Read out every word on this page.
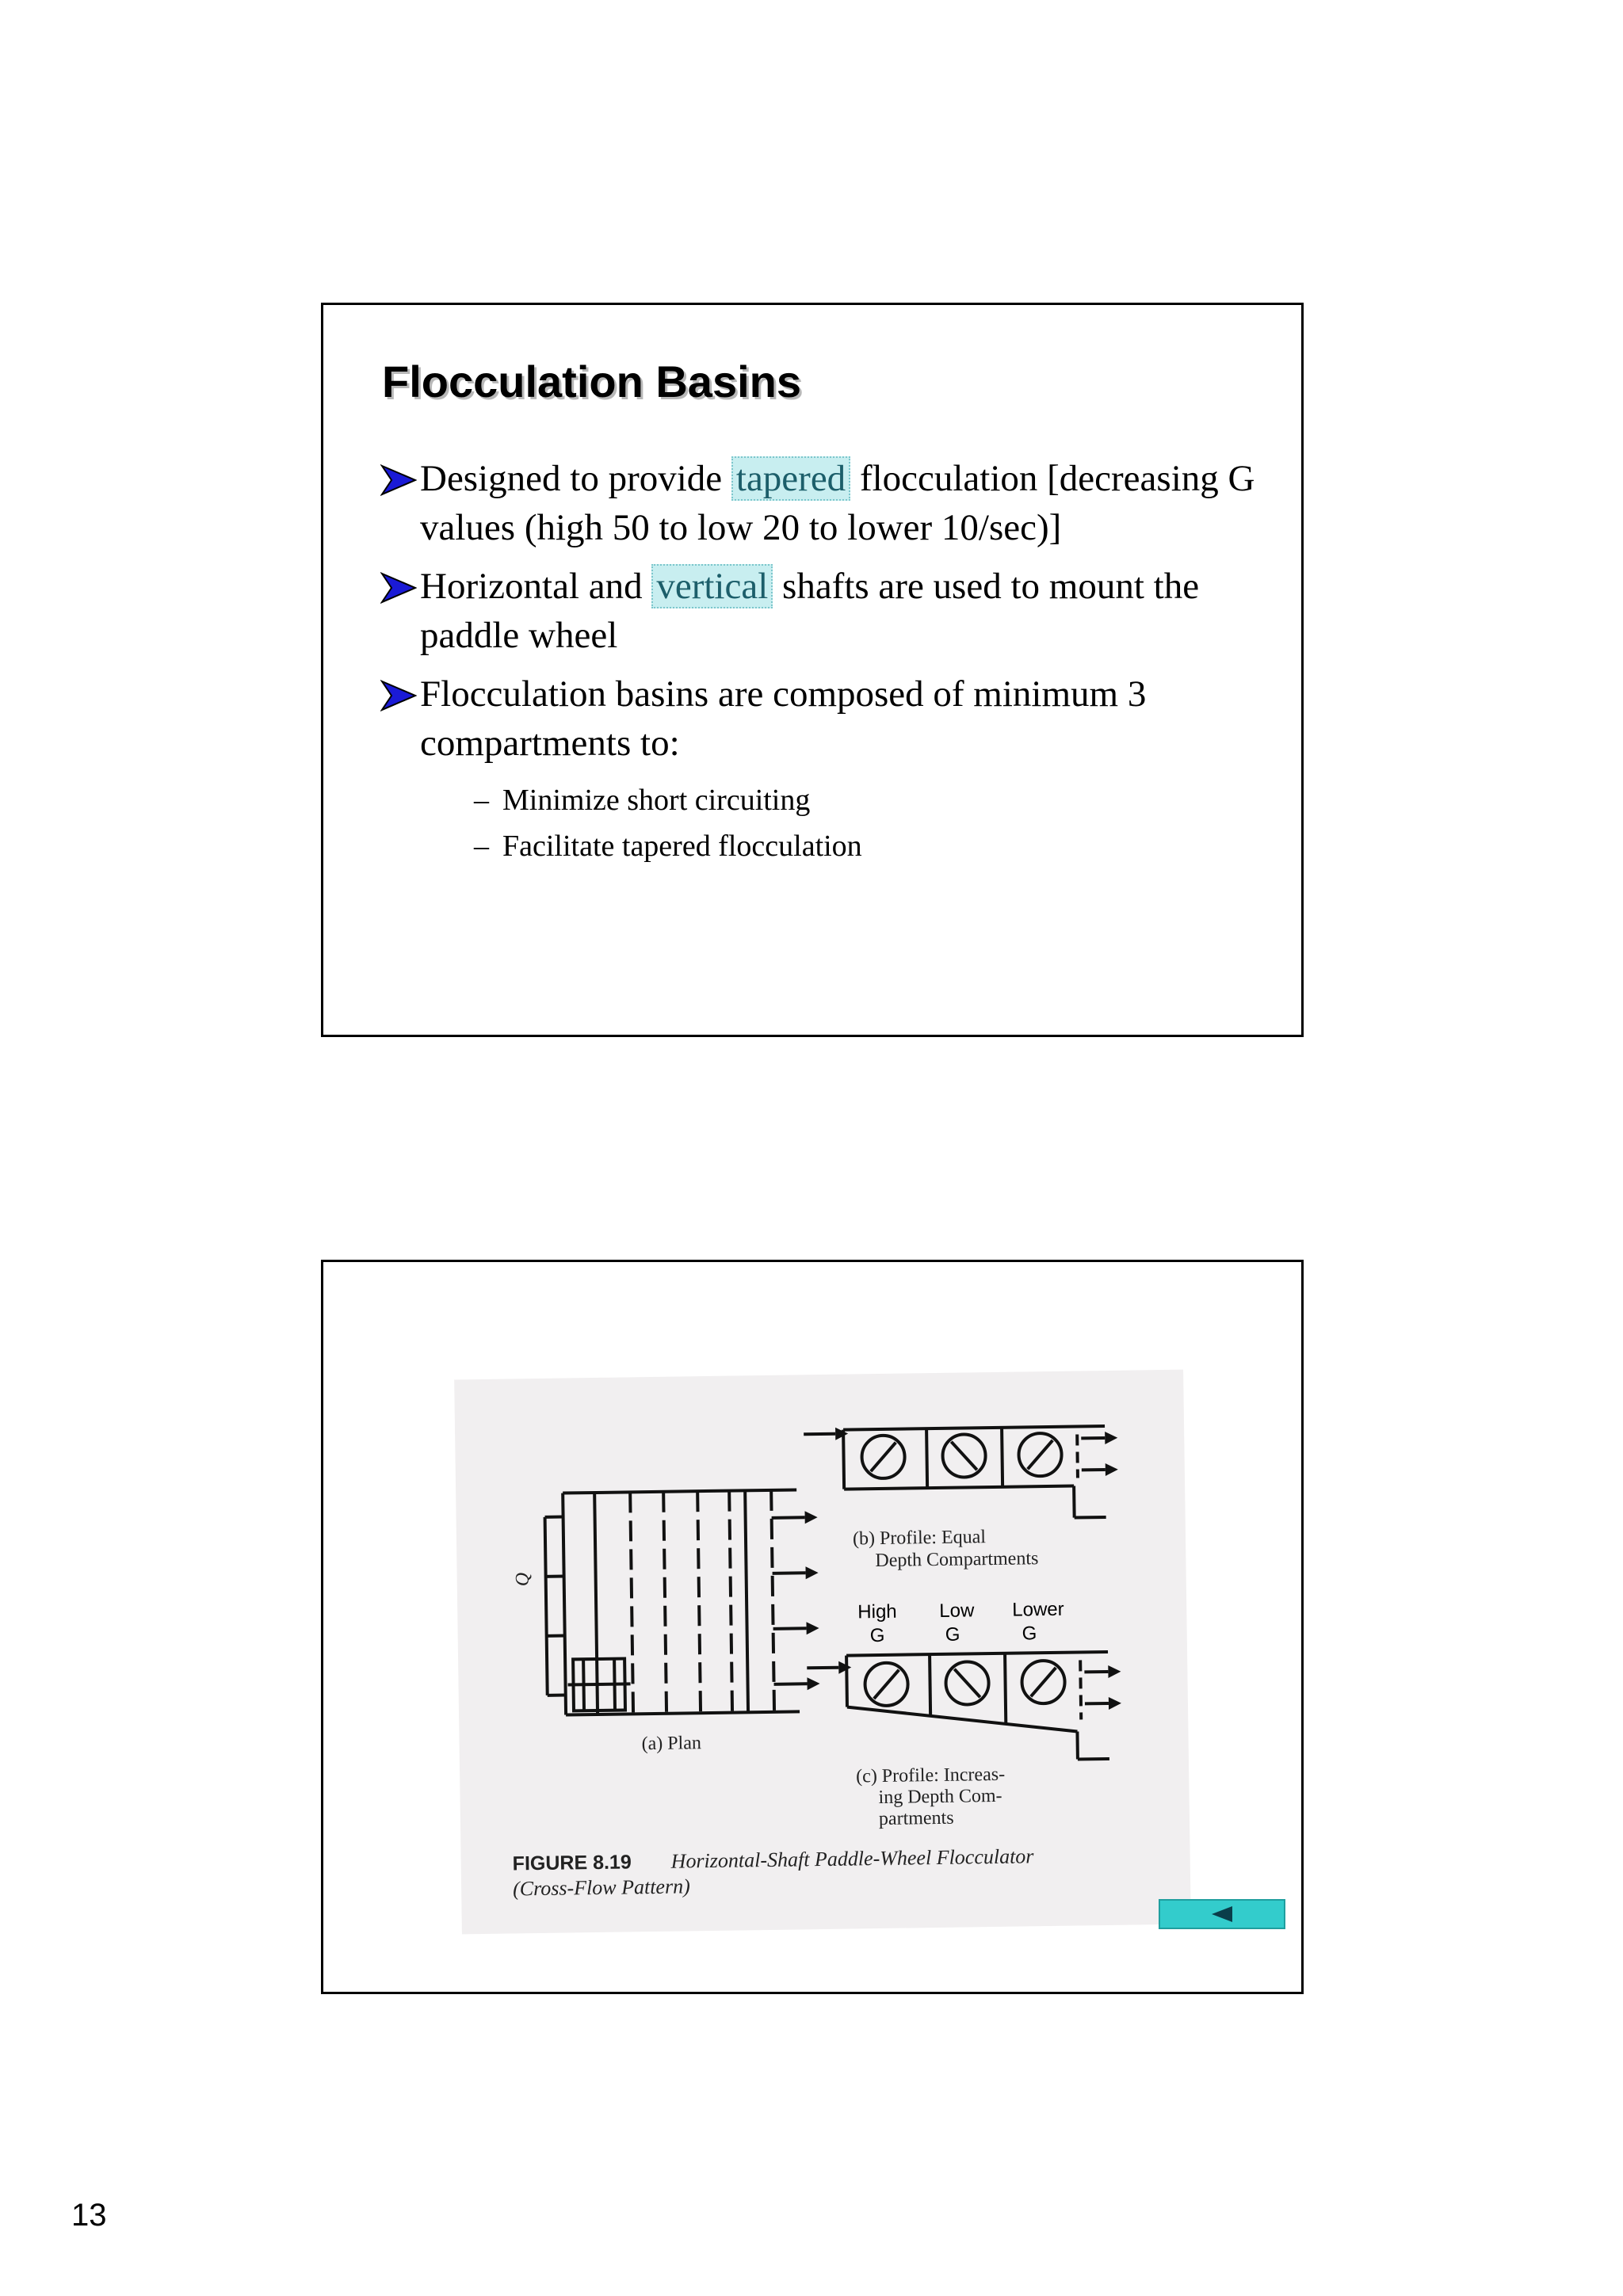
Flocculation Basins
Designed to provide tapered flocculation [decreasing G values (high 50 to low 20 to lower 10/sec)]
Horizontal and vertical shafts are used to mount the paddle wheel
Flocculation basins are composed of minimum 3 compartments to:
– Minimize short circuiting
– Facilitate tapered flocculation
Q
(a) Plan
(b) Profile: Equal
Depth Compartments
High
G
Low
G
Lower
G
(c) Profile: Increas-
ing Depth Com-
partments
FIGURE 8.19 Horizontal-Shaft Paddle-Wheel Flocculator
(Cross-Flow Pattern)
13
